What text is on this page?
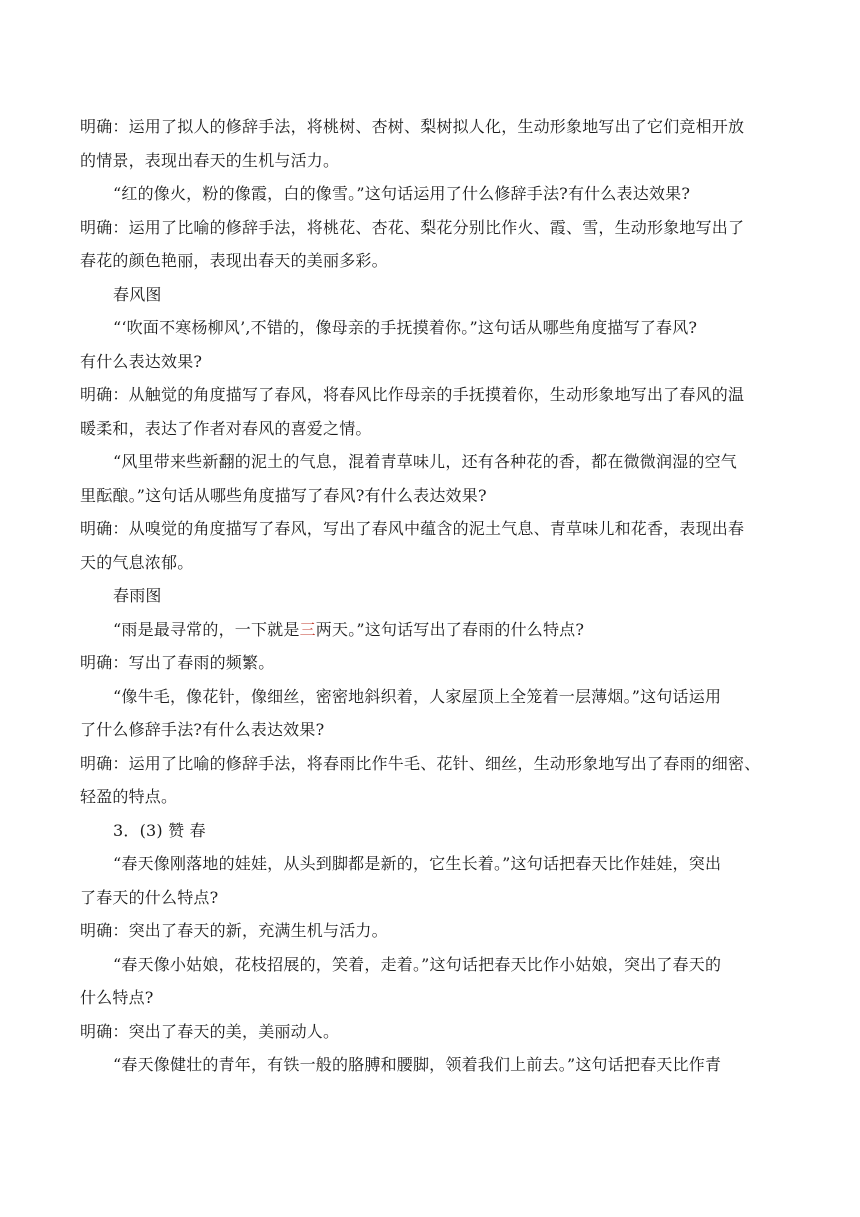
明确：运用了拟人的修辞手法，将桃树、杏树、梨树拟人化，生动形象地写出了它们竞相开放
的情景，表现出春天的生机与活力。
“红的像火，粉的像霞，白的像雪。”这句话运用了什么修辞手法?有什么表达效果?
明确：运用了比喻的修辞手法，将桃花、杏花、梨花分别比作火、霞、雪，生动形象地写出了
春花的颜色艳丽，表现出春天的美丽多彩。
春风图
“‘吹面不寒杨柳风’,不错的，像母亲的手抚摸着你。”这句话从哪些角度描写了春风?
有什么表达效果?
明确：从触觉的角度描写了春风，将春风比作母亲的手抚摸着你，生动形象地写出了春风的温
暖柔和，表达了作者对春风的喜爱之情。
“风里带来些新翻的泥土的气息，混着青草味儿，还有各种花的香，都在微微润湿的空气
里酝酿。”这句话从哪些角度描写了春风?有什么表达效果?
明确：从嗅觉的角度描写了春风，写出了春风中蕴含的泥土气息、青草味儿和花香，表现出春
天的气息浓郁。
春雨图
“雨是最寻常的，一下就是三两天。”这句话写出了春雨的什么特点?
明确：写出了春雨的频繁。
“像牛毛，像花针，像细丝，密密地斜织着，人家屋顶上全笼着一层薄烟。”这句话运用
了什么修辞手法?有什么表达效果?
明确：运用了比喻的修辞手法，将春雨比作牛毛、花针、细丝，生动形象地写出了春雨的细密、
轻盈的特点。
3．(3) 赞 春
“春天像刚落地的娃娃，从头到脚都是新的，它生长着。”这句话把春天比作娃娃，突出
了春天的什么特点?
明确：突出了春天的新，充满生机与活力。
“春天像小姑娘，花枝招展的，笑着，走着。”这句话把春天比作小姑娘，突出了春天的
什么特点?
明确：突出了春天的美，美丽动人。
“春天像健壮的青年，有铁一般的胳膊和腰脚，领着我们上前去。”这句话把春天比作青
